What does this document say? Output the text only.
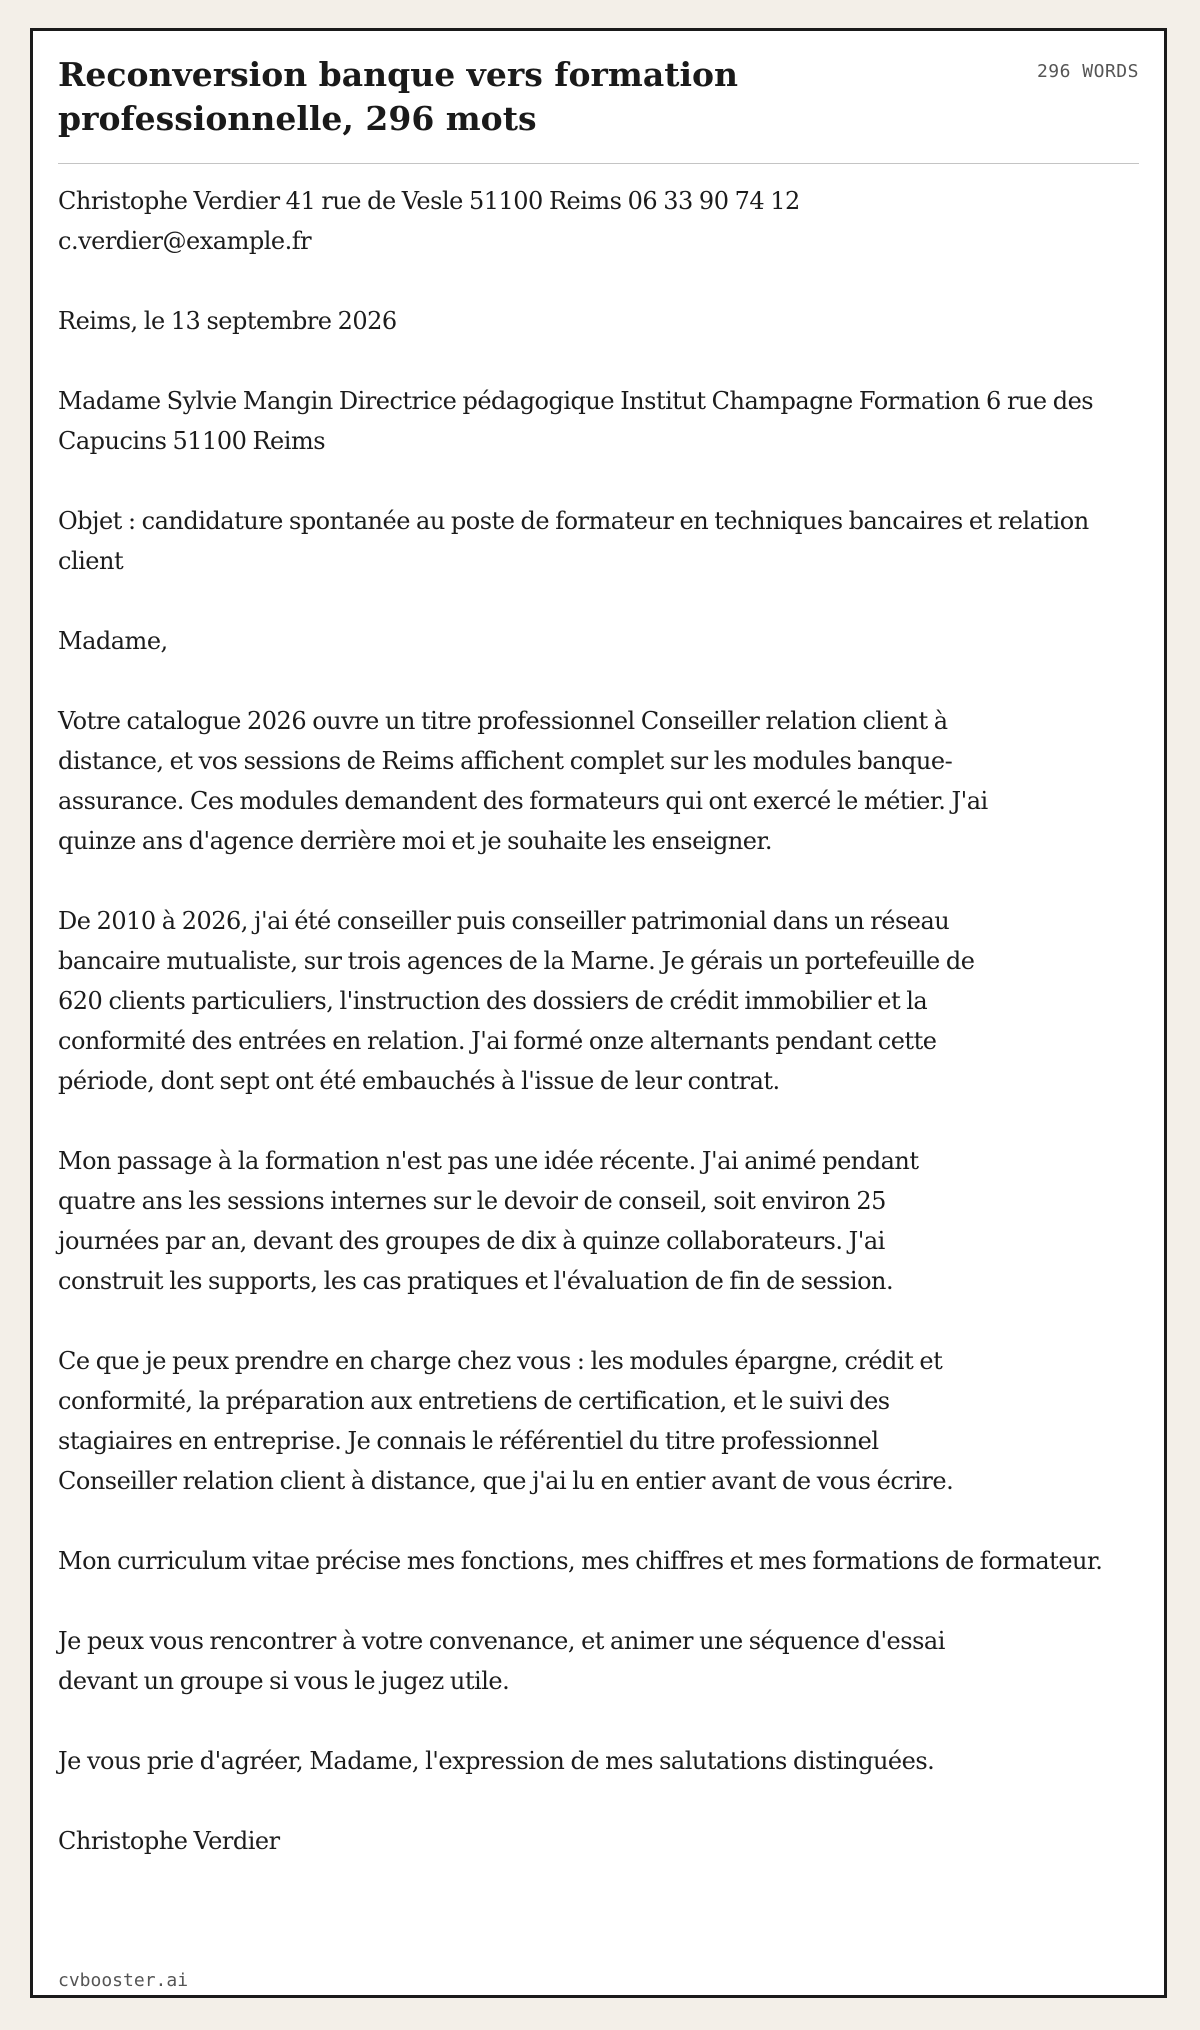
Reconversion banque vers formation professionnelle, 296 mots
296 WORDS

Christophe Verdier 41 rue de Vesle 51100 Reims 06 33 90 74 12 c.verdier@example.fr

Reims, le 13 septembre 2026

Madame Sylvie Mangin Directrice pédagogique Institut Champagne Formation 6 rue des Capucins 51100 Reims

Objet : candidature spontanée au poste de formateur en techniques bancaires et relation client

Madame,

Votre catalogue 2026 ouvre un titre professionnel Conseiller relation client à distance, et vos sessions de Reims affichent complet sur les modules banque-assurance. Ces modules demandent des formateurs qui ont exercé le métier. J'ai quinze ans d'agence derrière moi et je souhaite les enseigner.

De 2010 à 2026, j'ai été conseiller puis conseiller patrimonial dans un réseau bancaire mutualiste, sur trois agences de la Marne. Je gérais un portefeuille de 620 clients particuliers, l'instruction des dossiers de crédit immobilier et la conformité des entrées en relation. J'ai formé onze alternants pendant cette période, dont sept ont été embauchés à l'issue de leur contrat.

Mon passage à la formation n'est pas une idée récente. J'ai animé pendant quatre ans les sessions internes sur le devoir de conseil, soit environ 25 journées par an, devant des groupes de dix à quinze collaborateurs. J'ai construit les supports, les cas pratiques et l'évaluation de fin de session.

Ce que je peux prendre en charge chez vous : les modules épargne, crédit et conformité, la préparation aux entretiens de certification, et le suivi des stagiaires en entreprise. Je connais le référentiel du titre professionnel Conseiller relation client à distance, que j'ai lu en entier avant de vous écrire.

Mon curriculum vitae précise mes fonctions, mes chiffres et mes formations de formateur.

Je peux vous rencontrer à votre convenance, et animer une séquence d'essai devant un groupe si vous le jugez utile.

Je vous prie d'agréer, Madame, l'expression de mes salutations distinguées.

Christophe Verdier

cvbooster.ai
